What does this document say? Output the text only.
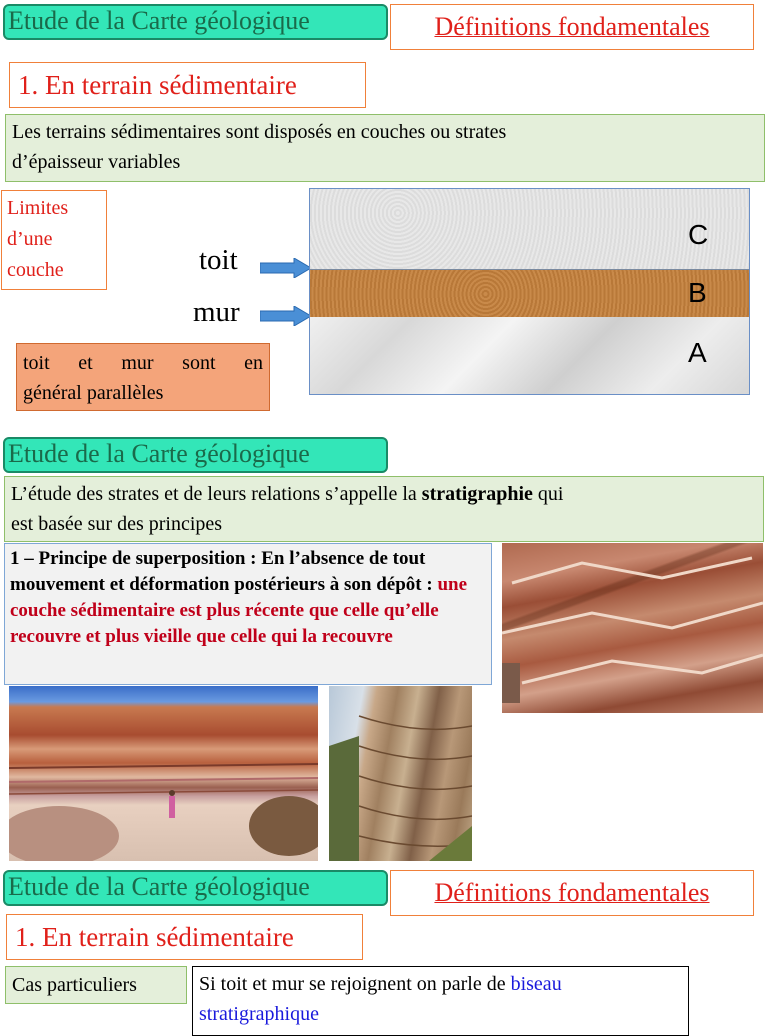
Etude de la Carte géologique	Définitions fondamentales
1. En terrain sédimentaire
Les terrains sédimentaires sont disposés en couches ou strates
d’épaisseur variables
Limites
d’une
couche	toit
mur
C
B
A
toit et mur sont en
général parallèles
Etude de la Carte géologique
L’étude des strates et de leurs relations s’appelle la stratigraphie qui
est basée sur des principes
1 – Principe de superposition : En l’absence de tout mouvement et déformation postérieurs à son dépôt : une couche sédimentaire est plus récente que celle qu’elle recouvre et plus vieille que celle qui la recouvre
Etude de la Carte géologique	Définitions fondamentales
1. En terrain sédimentaire
Cas particuliers	Si toit et mur se rejoignent on parle de biseau stratigraphique
